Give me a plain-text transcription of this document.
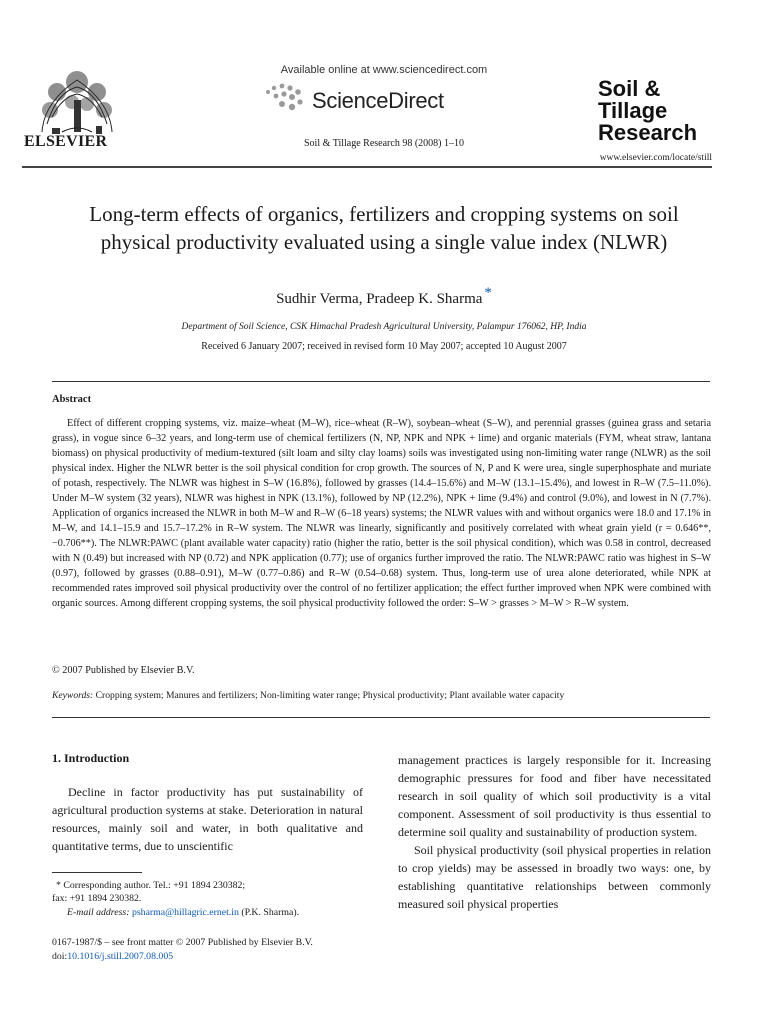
ELSEVIER
Available online at www.sciencedirect.com
ScienceDirect
Soil & Tillage Research 98 (2008) 1–10
Soil &
Tillage
Research
www.elsevier.com/locate/still
Long-term effects of organics, fertilizers and cropping systems on soil physical productivity evaluated using a single value index (NLWR)
Sudhir Verma, Pradeep K. Sharma *
Department of Soil Science, CSK Himachal Pradesh Agricultural University, Palampur 176062, HP, India
Received 6 January 2007; received in revised form 10 May 2007; accepted 10 August 2007
Abstract
Effect of different cropping systems, viz. maize–wheat (M–W), rice–wheat (R–W), soybean–wheat (S–W), and perennial grasses (guinea grass and setaria grass), in vogue since 6–32 years, and long-term use of chemical fertilizers (N, NP, NPK and NPK + lime) and organic materials (FYM, wheat straw, lantana biomass) on physical productivity of medium-textured (silt loam and silty clay loams) soils was investigated using non-limiting water range (NLWR) as the soil physical index. Higher the NLWR better is the soil physical condition for crop growth. The sources of N, P and K were urea, single superphosphate and muriate of potash, respectively. The NLWR was highest in S–W (16.8%), followed by grasses (14.4–15.6%) and M–W (13.1–15.4%), and lowest in R–W (7.5–11.0%). Under M–W system (32 years), NLWR was highest in NPK (13.1%), followed by NP (12.2%), NPK + lime (9.4%) and control (9.0%), and lowest in N (7.7%). Application of organics increased the NLWR in both M–W and R–W (6–18 years) systems; the NLWR values with and without organics were 18.0 and 17.1% in M–W, and 14.1–15.9 and 15.7–17.2% in R–W system. The NLWR was linearly, significantly and positively correlated with wheat grain yield (r = 0.646**, −0.706**). The NLWR:PAWC (plant available water capacity) ratio (higher the ratio, better is the soil physical condition), which was 0.58 in control, decreased with N (0.49) but increased with NP (0.72) and NPK application (0.77); use of organics further improved the ratio. The NLWR:PAWC ratio was highest in S–W (0.97), followed by grasses (0.88–0.91), M–W (0.77–0.86) and R–W (0.54–0.68) system. Thus, long-term use of urea alone deteriorated, while NPK at recommended rates improved soil physical productivity over the control of no fertilizer application; the effect further improved when NPK were combined with organic sources. Among different cropping systems, the soil physical productivity followed the order: S–W > grasses > M–W > R–W system.
© 2007 Published by Elsevier B.V.
Keywords: Cropping system; Manures and fertilizers; Non-limiting water range; Physical productivity; Plant available water capacity
1. Introduction
Decline in factor productivity has put sustainability of agricultural production systems at stake. Deterioration in natural resources, mainly soil and water, in both qualitative and quantitative terms, due to unscientific
management practices is largely responsible for it. Increasing demographic pressures for food and fiber have necessitated research in soil quality of which soil productivity is a vital component. Assessment of soil productivity is thus essential to determine soil quality and sustainability of production system.
Soil physical productivity (soil physical properties in relation to crop yields) may be assessed in broadly two ways: one, by establishing quantitative relationships between commonly measured soil physical properties
* Corresponding author. Tel.: +91 1894 230382;
fax: +91 1894 230382.
E-mail address: psharma@hillagric.ernet.in (P.K. Sharma).
0167-1987/$ – see front matter © 2007 Published by Elsevier B.V.
doi:10.1016/j.still.2007.08.005
